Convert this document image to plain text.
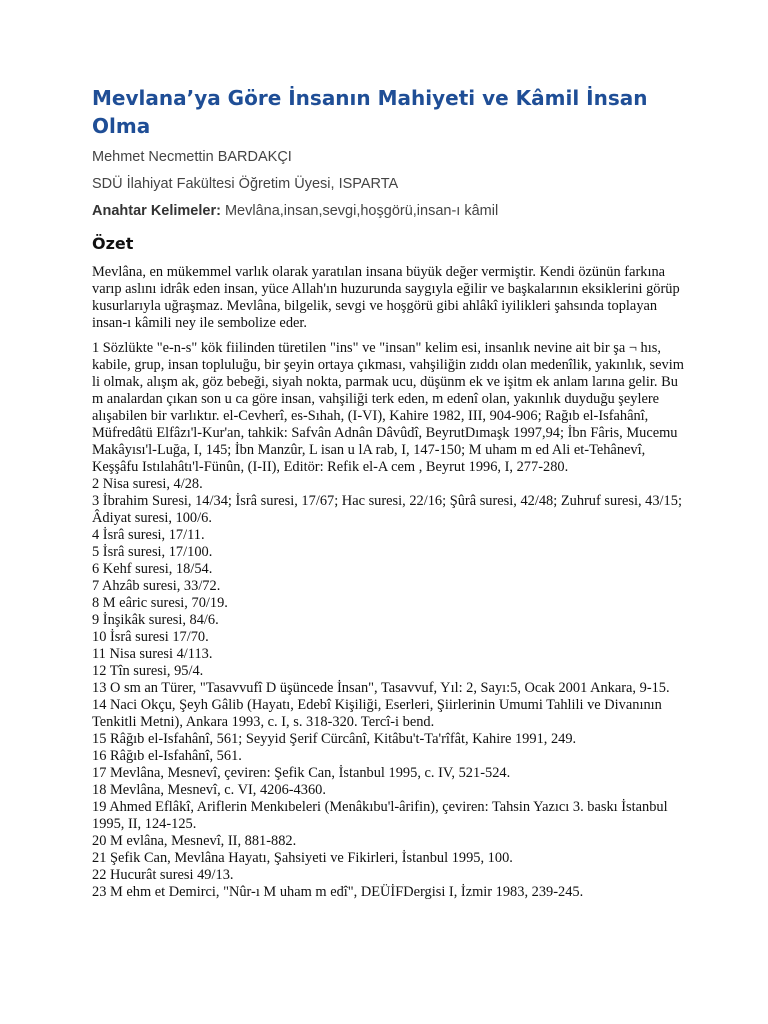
Mevlana’ya Göre İnsanın Mahiyeti ve Kâmil İnsan Olma

Mehmet Necmettin BARDAKÇI

SDÜ İlahiyat Fakültesi Öğretim Üyesi, ISPARTA

Anahtar Kelimeler: Mevlâna,insan,sevgi,hoşgörü,insan-ı kâmil

Özet

Mevlâna, en mükemmel varlık olarak yaratılan insana büyük değer vermiştir. Kendi özünün farkına varıp aslını idrâk eden insan, yüce Allah'ın huzurunda saygıyla eğilir ve başkalarının eksiklerini görüp kusurlarıyla uğraşmaz. Mevlâna, bilgelik, sevgi ve hoşgörü gibi ahlâkî iyilikleri şahsında toplayan insan-ı kâmili ney ile sembolize eder.

1 Sözlükte "e-n-s" kök fiilinden türetilen "ins" ve "insan" kelim esi, insanlık nevine ait bir şa ¬ hıs, kabile, grup, insan topluluğu, bir şeyin ortaya çıkması, vahşiliğin zıddı olan medenîlik, yakınlık, sevim li olmak, alışm ak, göz bebeği, siyah nokta, parmak ucu, düşünm ek ve işitm ek anlam larına gelir. Bu m analardan çıkan son u ca göre insan, vahşiliği terk eden, m edenî olan, yakınlık duyduğu şeylere alışabilen bir varlıktır. el-Cevherî, es-Sıhah, (I-VI), Kahire 1982, III, 904-906; Rağıb el-Isfahânî, Müfredâtü Elfâzı'l-Kur'an, tahkik: Safvân Adnân Dâvûdî, BeyrutDımaşk 1997,94; İbn Fâris, Mucemu Makâyısı'l-Luğa, I, 145; İbn Manzûr, L isan u lA rab, I, 147-150; M uham m ed Ali et-Tehânevî, Keşşâfu Istılahâtı'l-Fünûn, (I-II), Editör: Refik el-A cem , Beyrut 1996, I, 277-280.
2 Nisa suresi, 4/28.
3 İbrahim Suresi, 14/34; İsrâ suresi, 17/67; Hac suresi, 22/16; Şûrâ suresi, 42/48; Zuhruf suresi, 43/15; Âdiyat suresi, 100/6.
4 İsrâ suresi, 17/11.
5 İsrâ suresi, 17/100.
6 Kehf suresi, 18/54.
7 Ahzâb suresi, 33/72.
8 M eâric suresi, 70/19.
9 İnşikâk suresi, 84/6.
10 İsrâ suresi 17/70.
11 Nisa suresi 4/113.
12 Tîn suresi, 95/4.
13 O sm an Türer, "Tasavvufî D üşüncede İnsan", Tasavvuf, Yıl: 2, Sayı:5, Ocak 2001 Ankara, 9-15.
14 Naci Okçu, Şeyh Gâlib (Hayatı, Edebî Kişiliği, Eserleri, Şiirlerinin Umumi Tahlili ve Divanının Tenkitli Metni), Ankara 1993, c. I, s. 318-320. Tercî-i bend.
15 Râğıb el-Isfahânî, 561; Seyyid Şerif Cürcânî, Kitâbu't-Ta'rîfât, Kahire 1991, 249.
16 Râğıb el-Isfahânî, 561.
17 Mevlâna, Mesnevî, çeviren: Şefik Can, İstanbul 1995, c. IV, 521-524.
18 Mevlâna, Mesnevî, c. VI, 4206-4360.
19 Ahmed Eflâkî, Ariflerin Menkıbeleri (Menâkıbu'l-ârifin), çeviren: Tahsin Yazıcı 3. baskı İstanbul 1995, II, 124-125.
20 M evlâna, Mesnevî, II, 881-882.
21 Şefik Can, Mevlâna Hayatı, Şahsiyeti ve Fikirleri, İstanbul 1995, 100.
22 Hucurât suresi 49/13.
23 M ehm et Demirci, "Nûr-ı M uham m edî", DEÜİFDergisi I, İzmir 1983, 239-245.
